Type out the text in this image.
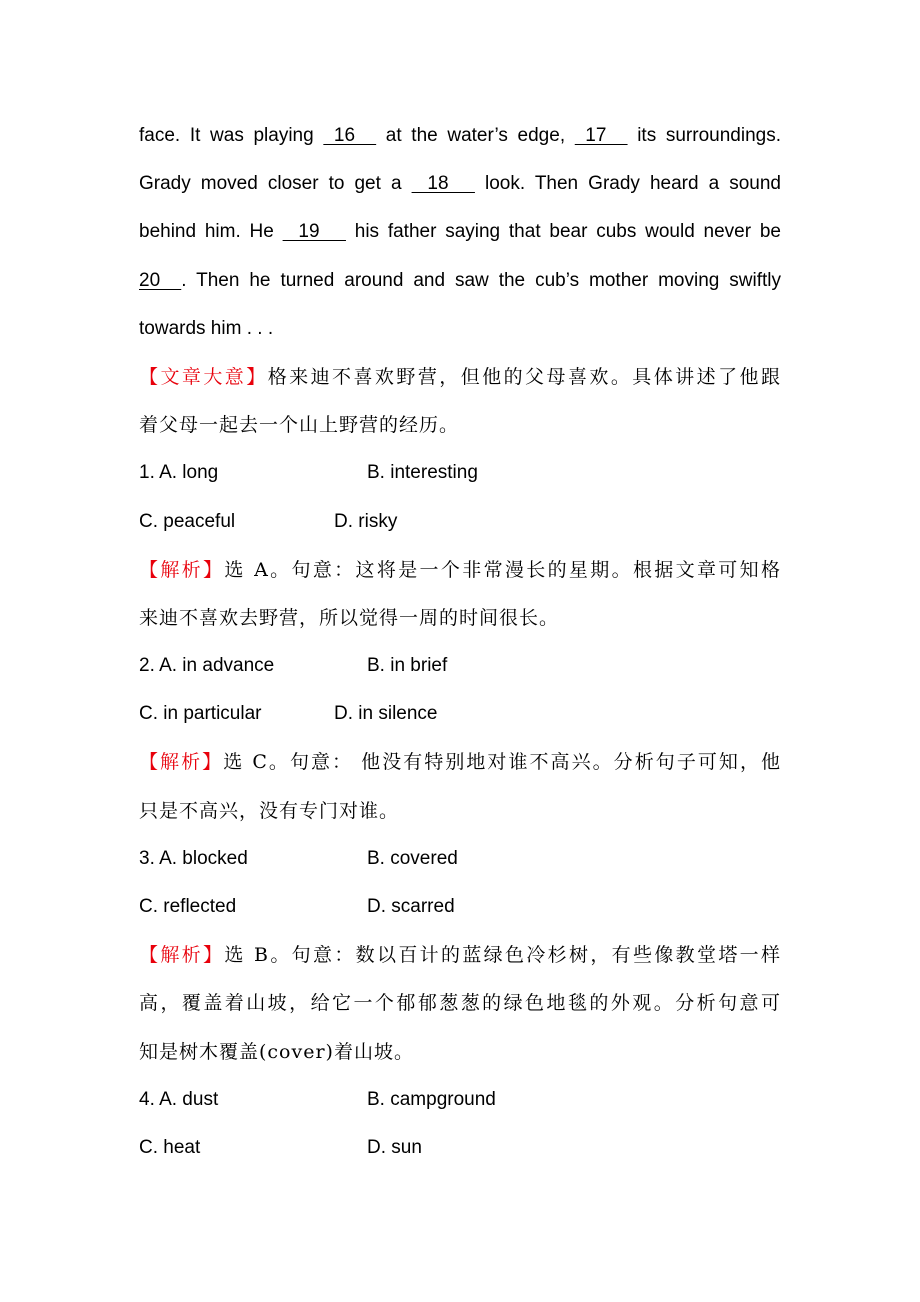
face. It was playing   16     at the water’s edge,   17     its surroundings.
Grady moved closer to get a    18      look. Then Grady heard a sound
behind him. He    19      his father saying that bear cubs would never be
20    . Then he turned around and saw the cub’s mother moving swiftly
towards him . . .
【文章大意】格来迪不喜欢野营，但他的父母喜欢。具体讲述了他跟
着父母一起去一个山上野营的经历。
1. A. long	B. interesting
C. peaceful	D. risky
【解析】选 A。句意：这将是一个非常漫长的星期。根据文章可知格
来迪不喜欢去野营，所以觉得一周的时间很长。
2. A. in advance	B. in brief
C. in particular	D. in silence
【解析】选 C。句意： 他没有特别地对谁不高兴。分析句子可知，他
只是不高兴，没有专门对谁。
3. A. blocked	B. covered
C. reflected	D. scarred
【解析】选 B。句意：数以百计的蓝绿色冷杉树，有些像教堂塔一样
高，覆盖着山坡，给它一个郁郁葱葱的绿色地毯的外观。分析句意可
知是树木覆盖(cover)着山坡。
4. A. dust	B. campground
C. heat	D. sun
